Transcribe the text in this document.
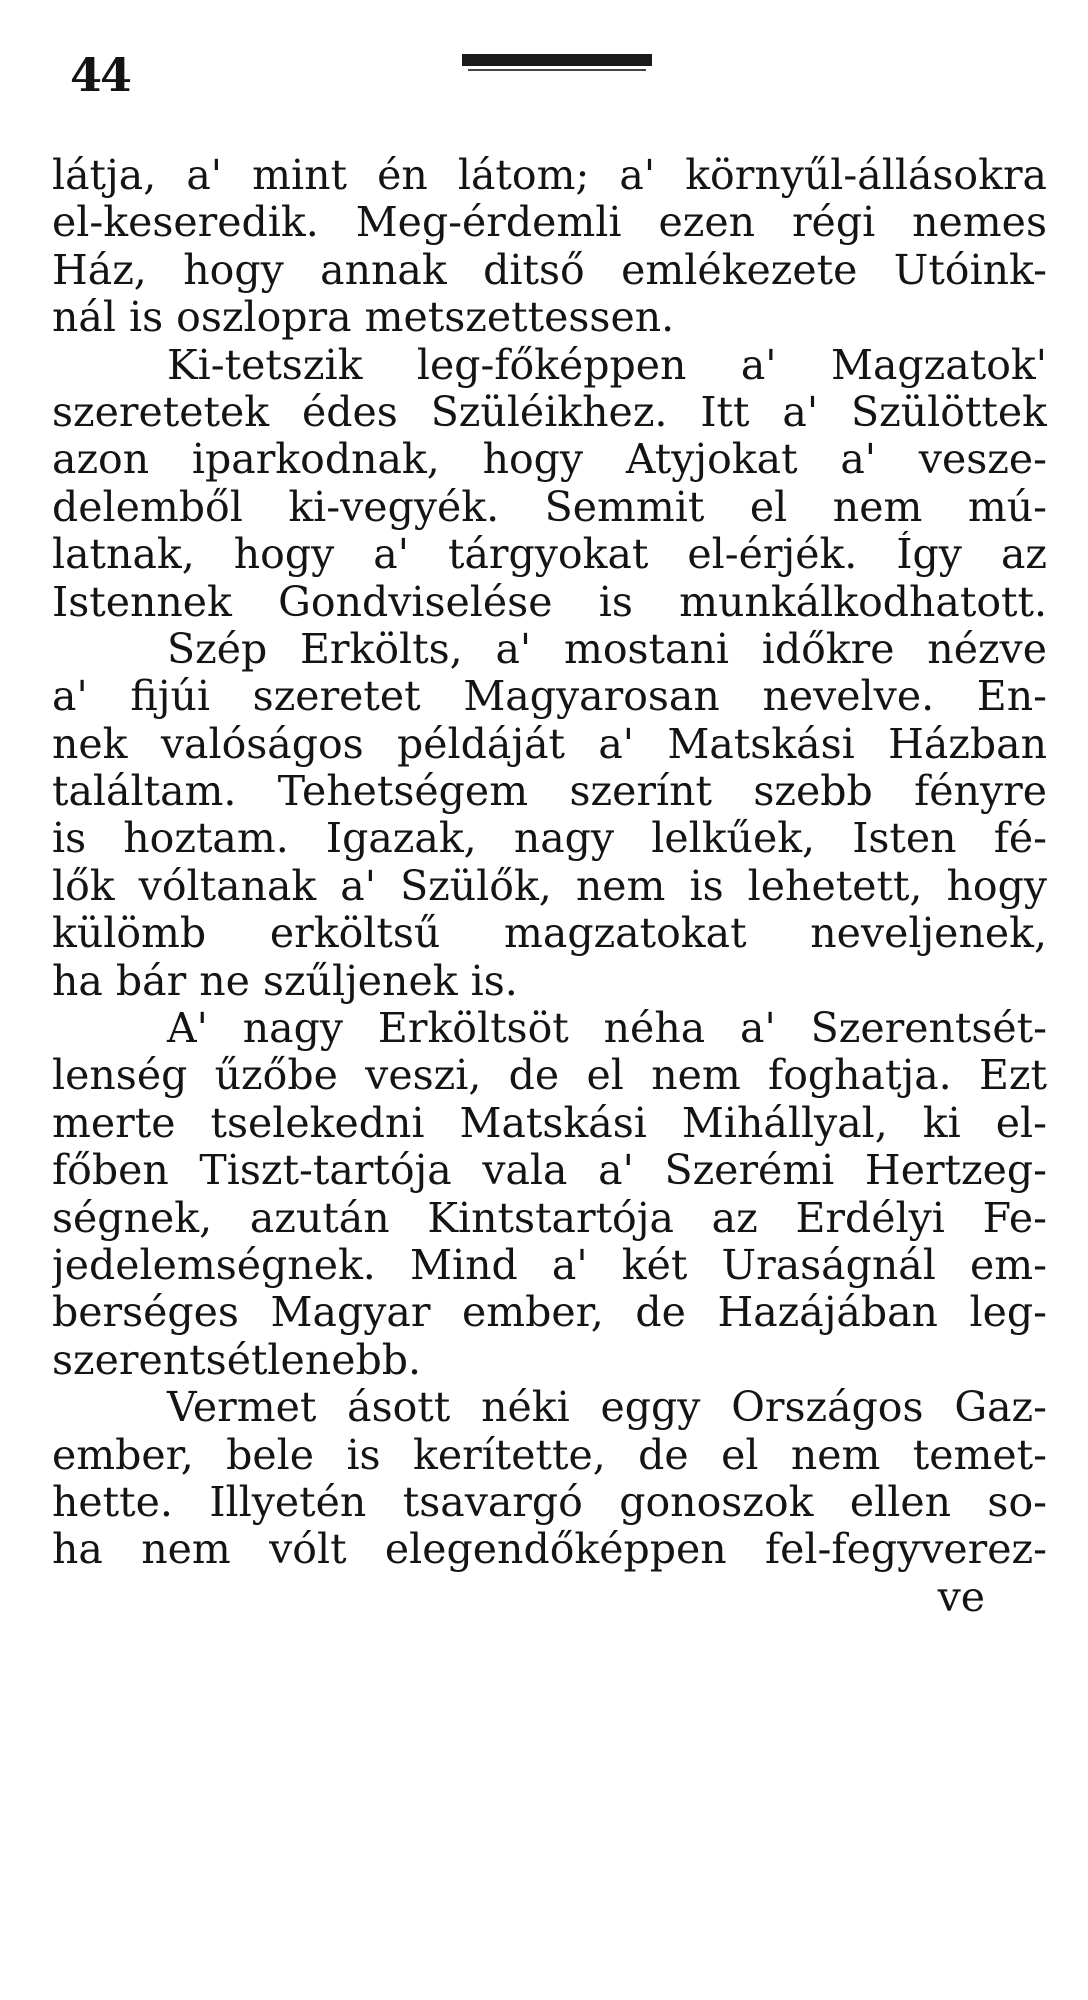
44
látja, a' mint én látom; a' környűl-állásokra
el-keseredik. Meg-érdemli ezen régi nemes
Ház, hogy annak ditső emlékezete Utóink-
nál is oszlopra metszettessen.
Ki-tetszik leg-főképpen a' Magzatok'
szeretetek édes Szüléikhez. Itt a' Szülöttek
azon iparkodnak, hogy Atyjokat a' vesze-
delemből ki-vegyék. Semmit el nem mú-
latnak, hogy a' tárgyokat el-érjék. Így az
Istennek Gondviselése is munkálkodhatott.
Szép Erkölts, a' mostani időkre nézve
a' fijúi szeretet Magyarosan nevelve. En-
nek valóságos példáját a' Matskási Házban
találtam. Tehetségem szerínt szebb fényre
is hoztam. Igazak, nagy lelkűek, Isten fé-
lők vóltanak a' Szülők, nem is lehetett, hogy
külömb erköltsű magzatokat neveljenek,
ha bár ne szűljenek is.
A' nagy Erköltsöt néha a' Szerentsét-
lenség űzőbe veszi, de el nem foghatja. Ezt
merte tselekedni Matskási Mihállyal, ki el-
főben Tiszt-tartója vala a' Szerémi Hertzeg-
ségnek, azután Kintstartója az Erdélyi Fe-
jedelemségnek. Mind a' két Uraságnál em-
berséges Magyar ember, de Hazájában leg-
szerentsétlenebb.
Vermet ásott néki eggy Országos Gaz-
ember, bele is kerítette, de el nem temet-
hette. Illyetén tsavargó gonoszok ellen so-
ha nem vólt elegendőképpen fel-fegyverez-
ve
